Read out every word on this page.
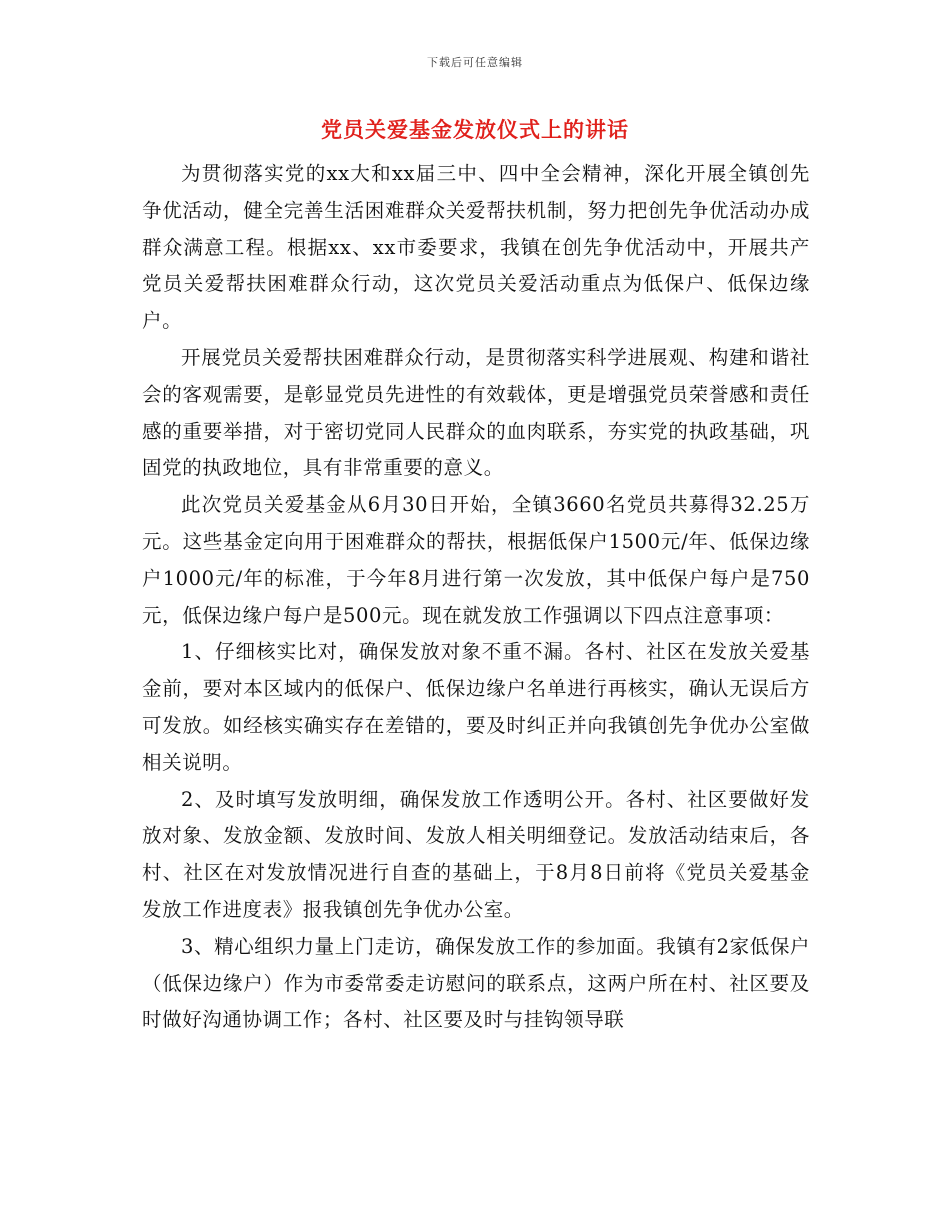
下载后可任意编辑
党员关爱基金发放仪式上的讲话

为贯彻落实党的xx大和xx届三中、四中全会精神，深化开展全镇创先争优活动，健全完善生活困难群众关爱帮扶机制，努力把创先争优活动办成群众满意工程。根据xx、xx市委要求，我镇在创先争优活动中，开展共产党员关爱帮扶困难群众行动，这次党员关爱活动重点为低保户、低保边缘户。

开展党员关爱帮扶困难群众行动，是贯彻落实科学进展观、构建和谐社会的客观需要，是彰显党员先进性的有效载体，更是增强党员荣誉感和责任感的重要举措，对于密切党同人民群众的血肉联系，夯实党的执政基础，巩固党的执政地位，具有非常重要的意义。

此次党员关爱基金从6月30日开始，全镇3660名党员共募得32.25万元。这些基金定向用于困难群众的帮扶，根据低保户1500元/年、低保边缘户1000元/年的标准，于今年8月进行第一次发放，其中低保户每户是750元，低保边缘户每户是500元。现在就发放工作强调以下四点注意事项：

1、仔细核实比对，确保发放对象不重不漏。各村、社区在发放关爱基金前，要对本区域内的低保户、低保边缘户名单进行再核实，确认无误后方可发放。如经核实确实存在差错的，要及时纠正并向我镇创先争优办公室做相关说明。

2、及时填写发放明细，确保发放工作透明公开。各村、社区要做好发放对象、发放金额、发放时间、发放人相关明细登记。发放活动结束后，各村、社区在对发放情况进行自查的基础上，于8月8日前将《党员关爱基金发放工作进度表》报我镇创先争优办公室。

3、精心组织力量上门走访，确保发放工作的参加面。我镇有2家低保户（低保边缘户）作为市委常委走访慰问的联系点，这两户所在村、社区要及时做好沟通协调工作；各村、社区要及时与挂钩领导联
